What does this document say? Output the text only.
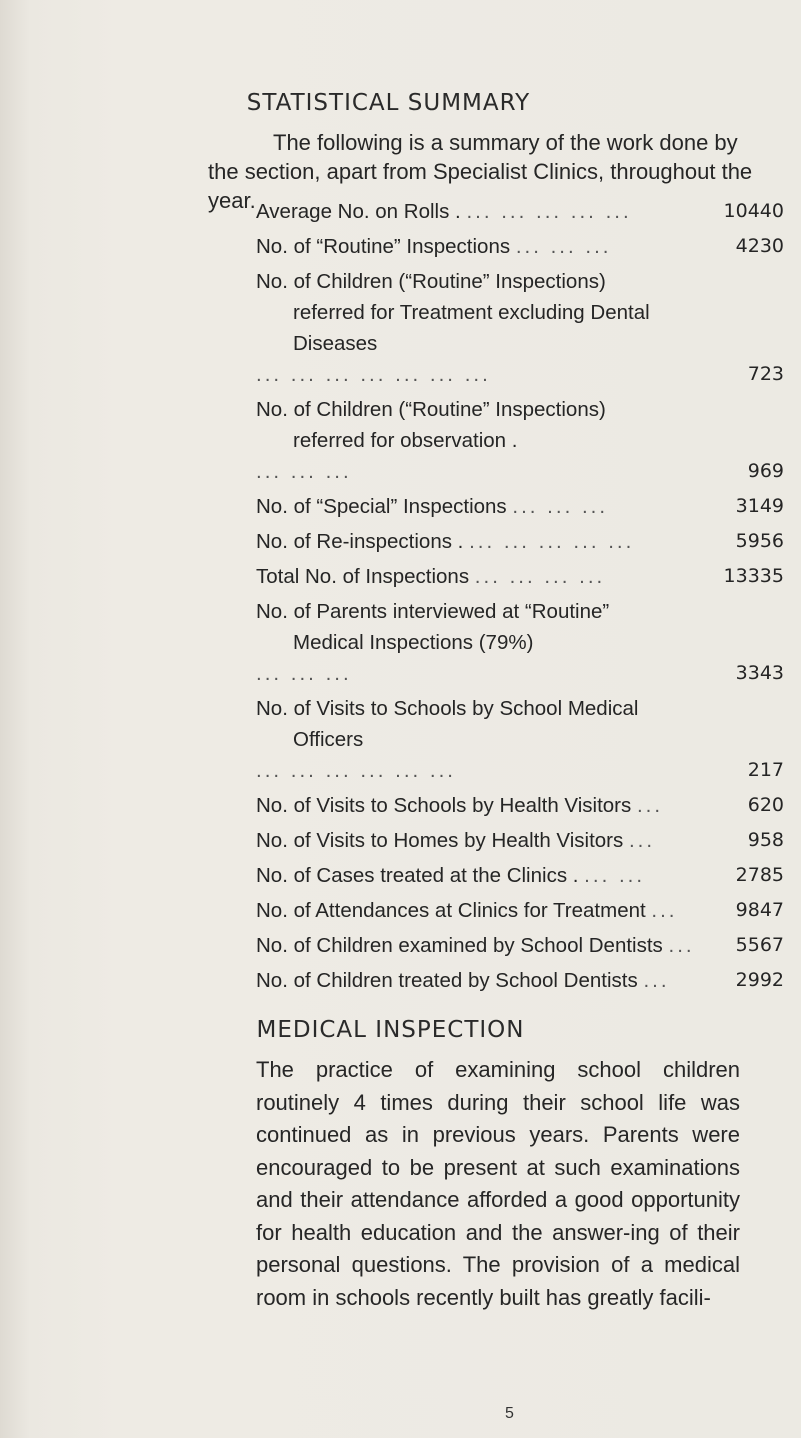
STATISTICAL SUMMARY
The following is a summary of the work done by
the section, apart from Specialist Clinics, throughout the
year. Average No. on Rolls . ... ... ... ... ...	10440
No. of “Routine” Inspections ... ... ...	4230
No. of Children (“Routine” Inspections)
referred for Treatment excluding Dental
Diseases
... ... ... ... ... ... ...	723
No. of Children (“Routine” Inspections)
referred for observation .
... ... ...	969
No. of “Special” Inspections ... ... ...	3149
No. of Re-inspections . ... ... ... ... ...	5956
Total No. of Inspections ... ... ... ...	13335
No. of Parents interviewed at “Routine”
Medical Inspections (79%)
... ... ...	3343
No. of Visits to Schools by School Medical
Officers
... ... ... ... ... ...	217
No. of Visits to Schools by Health Visitors ...	620
No. of Visits to Homes by Health Visitors ...	958
No. of Cases treated at the Clinics . ... ...	2785
No. of Attendances at Clinics for Treatment ...	9847
No. of Children examined by School Dentists ...	5567
No. of Children treated by School Dentists ...	2992
MEDICAL INSPECTION
The practice of examining school children routinely 4 times during their school life was continued as in previous years. Parents were encouraged to be present at such examinations and their attendance afforded a good opportunity for health education and the answer-ing of their personal questions. The provision of a medical room in schools recently built has greatly facili-
5
